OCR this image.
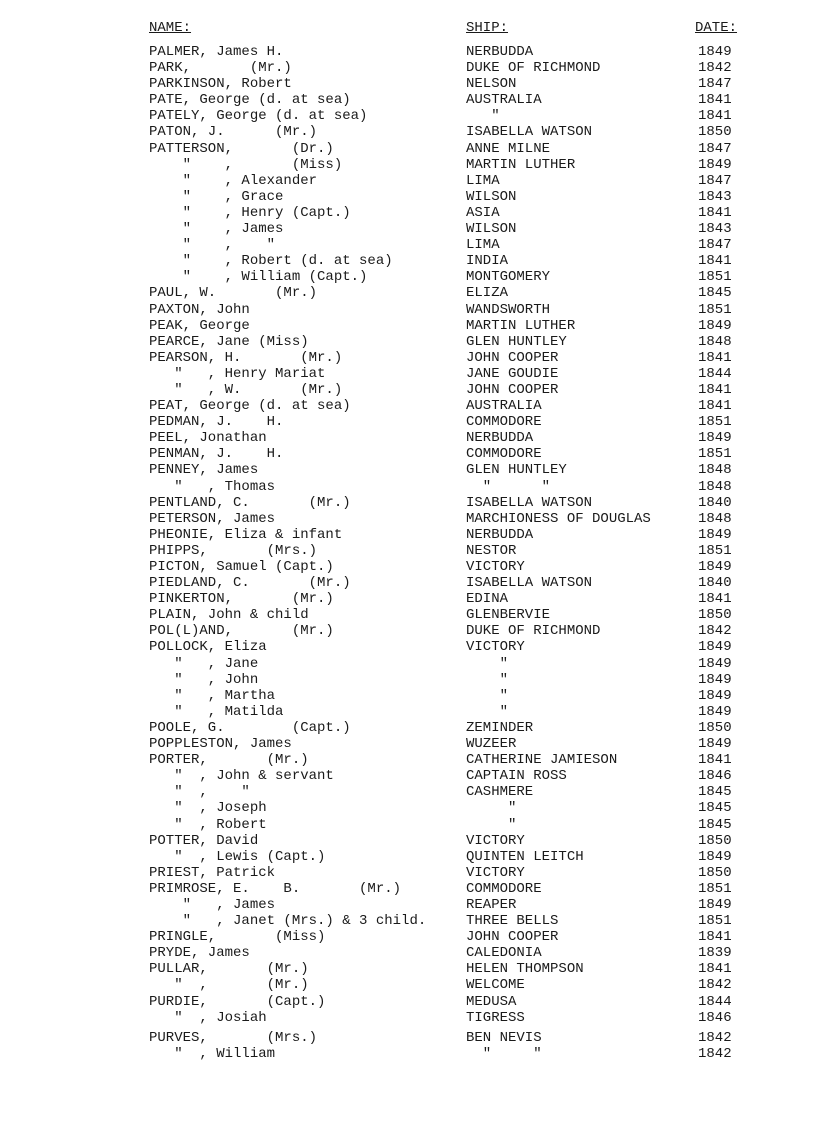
NAME:	SHIP:	DATE:
PALMER, James H.	NERBUDDA	1849
PARK,       (Mr.)	DUKE OF RICHMOND	1842
PARKINSON, Robert	NELSON	1847
PATE, George (d. at sea)	AUSTRALIA	1841
PATELY, George (d. at sea)	"	1841
PATON, J.      (Mr.)	ISABELLA WATSON	1850
PATTERSON,       (Dr.)	ANNE MILNE	1847
"    ,       (Miss)	MARTIN LUTHER	1849
"    , Alexander	LIMA	1847
"    , Grace	WILSON	1843
"    , Henry (Capt.)	ASIA	1841
"    , James	WILSON	1843
"    ,    "	LIMA	1847
"    , Robert (d. at sea)	INDIA	1841
"    , William (Capt.)	MONTGOMERY	1851
PAUL, W.       (Mr.)	ELIZA	1845
PAXTON, John	WANDSWORTH	1851
PEAK, George	MARTIN LUTHER	1849
PEARCE, Jane (Miss)	GLEN HUNTLEY	1848
PEARSON, H.       (Mr.)	JOHN COOPER	1841
"   , Henry Mariat	JANE GOUDIE	1844
"   , W.       (Mr.)	JOHN COOPER	1841
PEAT, George (d. at sea)	AUSTRALIA	1841
PEDMAN, J.    H.	COMMODORE	1851
PEEL, Jonathan	NERBUDDA	1849
PENMAN, J.    H.	COMMODORE	1851
PENNEY, James	GLEN HUNTLEY	1848
"   , Thomas	"      "	1848
PENTLAND, C.       (Mr.)	ISABELLA WATSON	1840
PETERSON, James	MARCHIONESS OF DOUGLAS	1848
PHEONIE, Eliza & infant	NERBUDDA	1849
PHIPPS,       (Mrs.)	NESTOR	1851
PICTON, Samuel (Capt.)	VICTORY	1849
PIEDLAND, C.       (Mr.)	ISABELLA WATSON	1840
PINKERTON,       (Mr.)	EDINA	1841
PLAIN, John & child	GLENBERVIE	1850
POL(L)AND,       (Mr.)	DUKE OF RICHMOND	1842
POLLOCK, Eliza	VICTORY	1849
"   , Jane	"	1849
"   , John	"	1849
"   , Martha	"	1849
"   , Matilda	"	1849
POOLE, G.        (Capt.)	ZEMINDER	1850
POPPLESTON, James	WUZEER	1849
PORTER,       (Mr.)	CATHERINE JAMIESON	1841
"  , John & servant	CAPTAIN ROSS	1846
"  ,    "	CASHMERE	1845
"  , Joseph	"	1845
"  , Robert	"	1845
POTTER, David	VICTORY	1850
"  , Lewis (Capt.)	QUINTEN LEITCH	1849
PRIEST, Patrick	VICTORY	1850
PRIMROSE, E.    B.       (Mr.)	COMMODORE	1851
"   , James	REAPER	1849
"   , Janet (Mrs.) & 3 child.	THREE BELLS	1851
PRINGLE,       (Miss)	JOHN COOPER	1841
PRYDE, James	CALEDONIA	1839
PULLAR,       (Mr.)	HELEN THOMPSON	1841
"  ,       (Mr.)	WELCOME	1842
PURDIE,       (Capt.)	MEDUSA	1844
"  , Josiah	TIGRESS	1846
PURVES,       (Mrs.)	BEN NEVIS	1842
"  , William	"     "	1842
